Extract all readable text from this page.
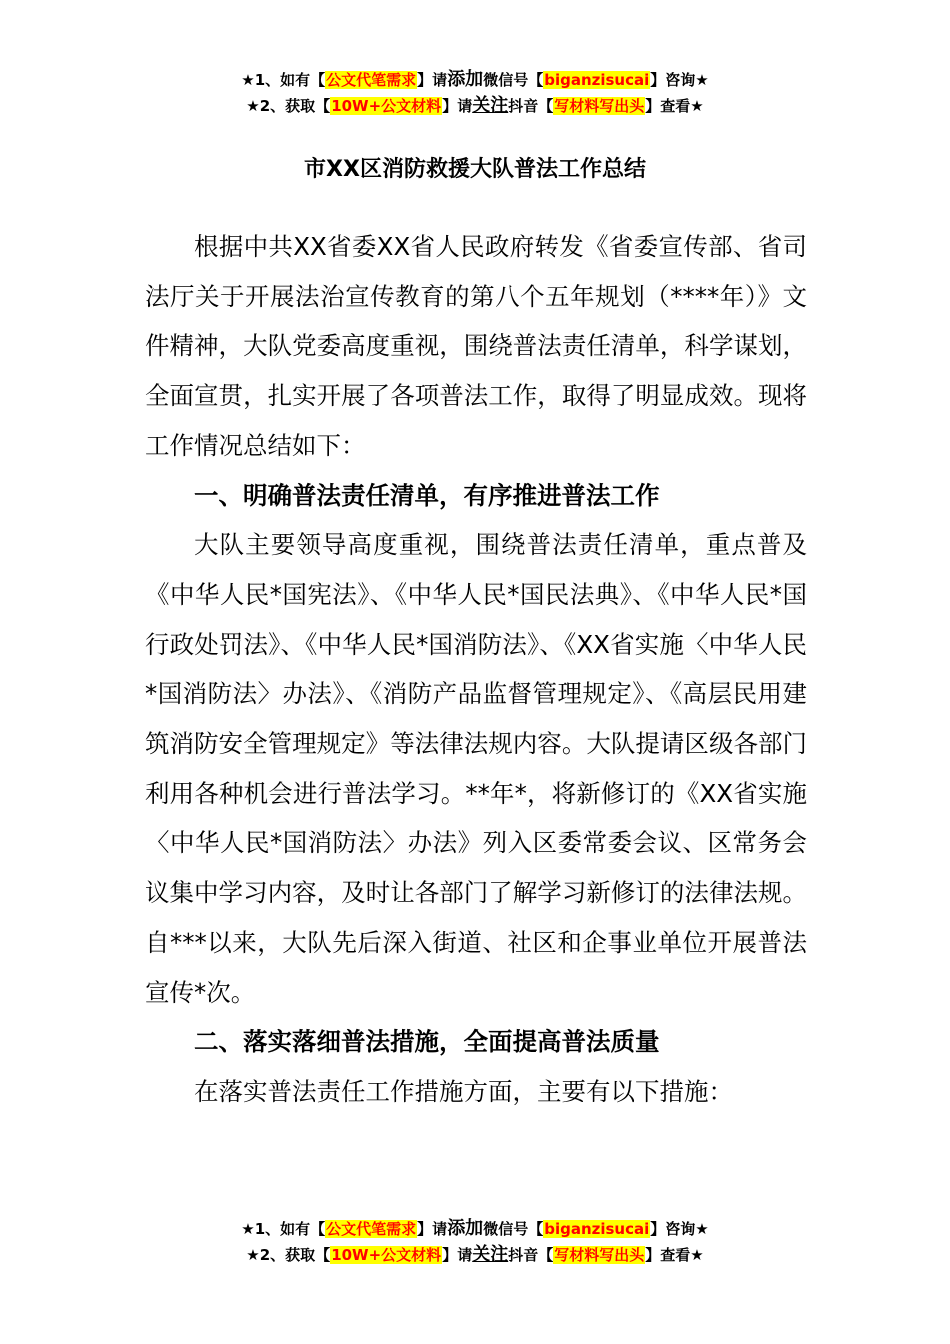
★1、如有【公文代笔需求】请添加微信号【biganzisucai】咨询★
★2、获取【10W+公文材料】请关注抖音【写材料写出头】查看★
市XX区消防救援大队普法工作总结

根据中共XX省委XX省人民政府转发《省委宣传部、省司法厅关于开展法治宣传教育的第八个五年规划（****年）》文件精神，大队党委高度重视，围绕普法责任清单，科学谋划，全面宣贯，扎实开展了各项普法工作，取得了明显成效。现将工作情况总结如下：

一、明确普法责任清单，有序推进普法工作

大队主要领导高度重视，围绕普法责任清单，重点普及《中华人民*国宪法》、《中华人民*国民法典》、《中华人民*国行政处罚法》、《中华人民*国消防法》、《XX省实施〈中华人民*国消防法〉办法》、《消防产品监督管理规定》、《高层民用建筑消防安全管理规定》等法律法规内容。大队提请区级各部门利用各种机会进行普法学习。**年*，将新修订的《XX省实施〈中华人民*国消防法〉办法》列入区委常委会议、区常务会议集中学习内容，及时让各部门了解学习新修订的法律法规。自***以来，大队先后深入街道、社区和企事业单位开展普法宣传*次。

二、落实落细普法措施，全面提高普法质量

在落实普法责任工作措施方面，主要有以下措施：

★1、如有【公文代笔需求】请添加微信号【biganzisucai】咨询★
★2、获取【10W+公文材料】请关注抖音【写材料写出头】查看★
